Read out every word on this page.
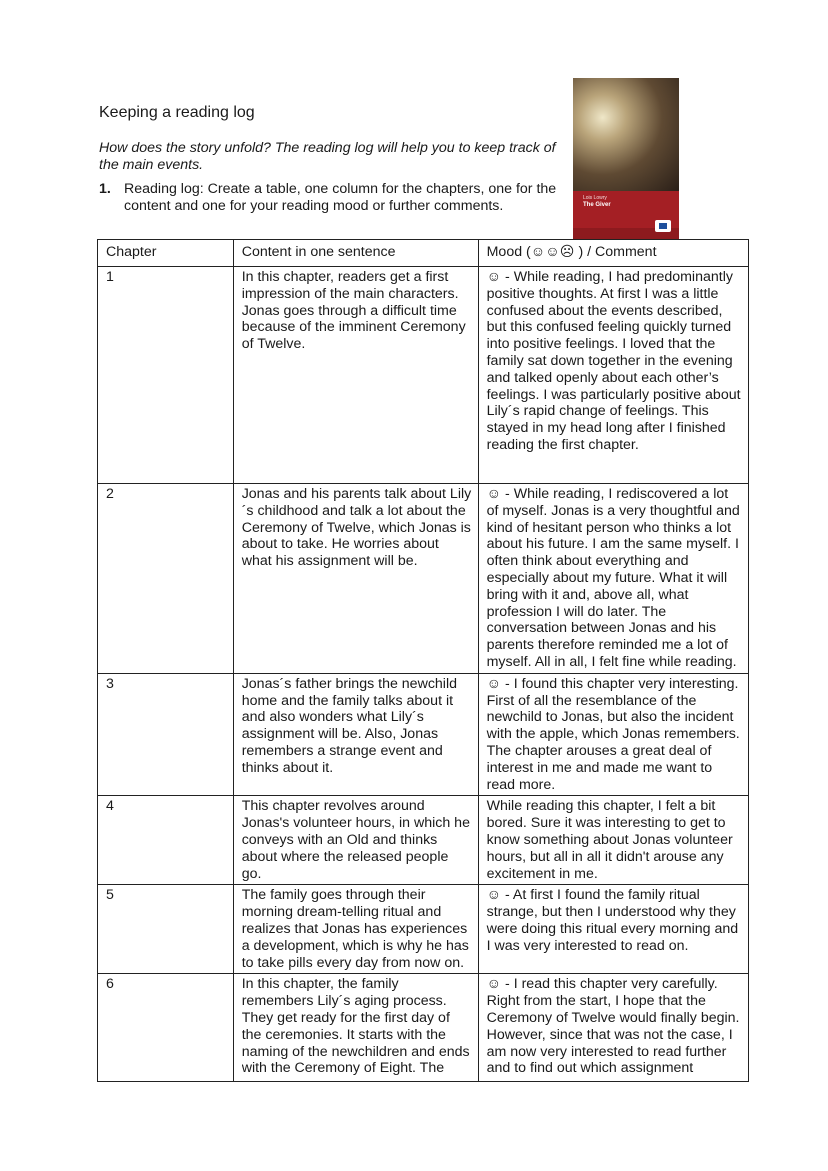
Keeping a reading log
How does the story unfold? The reading log will help you to keep track of the main events.
1. Reading log: Create a table, one column for the chapters, one for the content and one for your reading mood or further comments.	Lois Lowry
The Giver
Chapter	Content in one sentence	Mood (☺☺☹ ) / Comment
1	In this chapter, readers get a first impression of the main characters. Jonas goes through a difficult time because of the imminent Ceremony of Twelve.	☺ - While reading, I had predominantly positive thoughts. At first I was a little confused about the events described, but this confused feeling quickly turned into positive feelings. I loved that the family sat down together in the evening and talked openly about each other’s feelings. I was particularly positive about Lily´s rapid change of feelings. This stayed in my head long after I finished reading the first chapter.
2	Jonas and his parents talk about Lily´s childhood and talk a lot about the Ceremony of Twelve, which Jonas is about to take. He worries about what his assignment will be.	☺ - While reading, I rediscovered a lot of myself. Jonas is a very thoughtful and kind of hesitant person who thinks a lot about his future. I am the same myself. I often think about everything and especially about my future. What it will bring with it and, above all, what profession I will do later. The conversation between Jonas and his parents therefore reminded me a lot of myself. All in all, I felt fine while reading.
3	Jonas´s father brings the newchild home and the family talks about it and also wonders what Lily´s assignment will be. Also, Jonas remembers a strange event and thinks about it.	☺ - I found this chapter very interesting. First of all the resemblance of the newchild to Jonas, but also the incident with the apple, which Jonas remembers. The chapter arouses a great deal of interest in me and made me want to read more.
4	This chapter revolves around Jonas's volunteer hours, in which he conveys with an Old and thinks about where the released people go.	While reading this chapter, I felt a bit bored. Sure it was interesting to get to know something about Jonas volunteer hours, but all in all it didn't arouse any excitement in me.
5	The family goes through their morning dream-telling ritual and realizes that Jonas has experiences a development, which is why he has to take pills every day from now on.	☺ - At first I found the family ritual strange, but then I understood why they were doing this ritual every morning and I was very interested to read on.
6	In this chapter, the family remembers Lily´s aging process. They get ready for the first day of the ceremonies. It starts with the naming of the newchildren and ends with the Ceremony of Eight. The	☺ - I read this chapter very carefully. Right from the start, I hope that the Ceremony of Twelve would finally begin. However, since that was not the case, I am now very interested to read further and to find out which assignment
